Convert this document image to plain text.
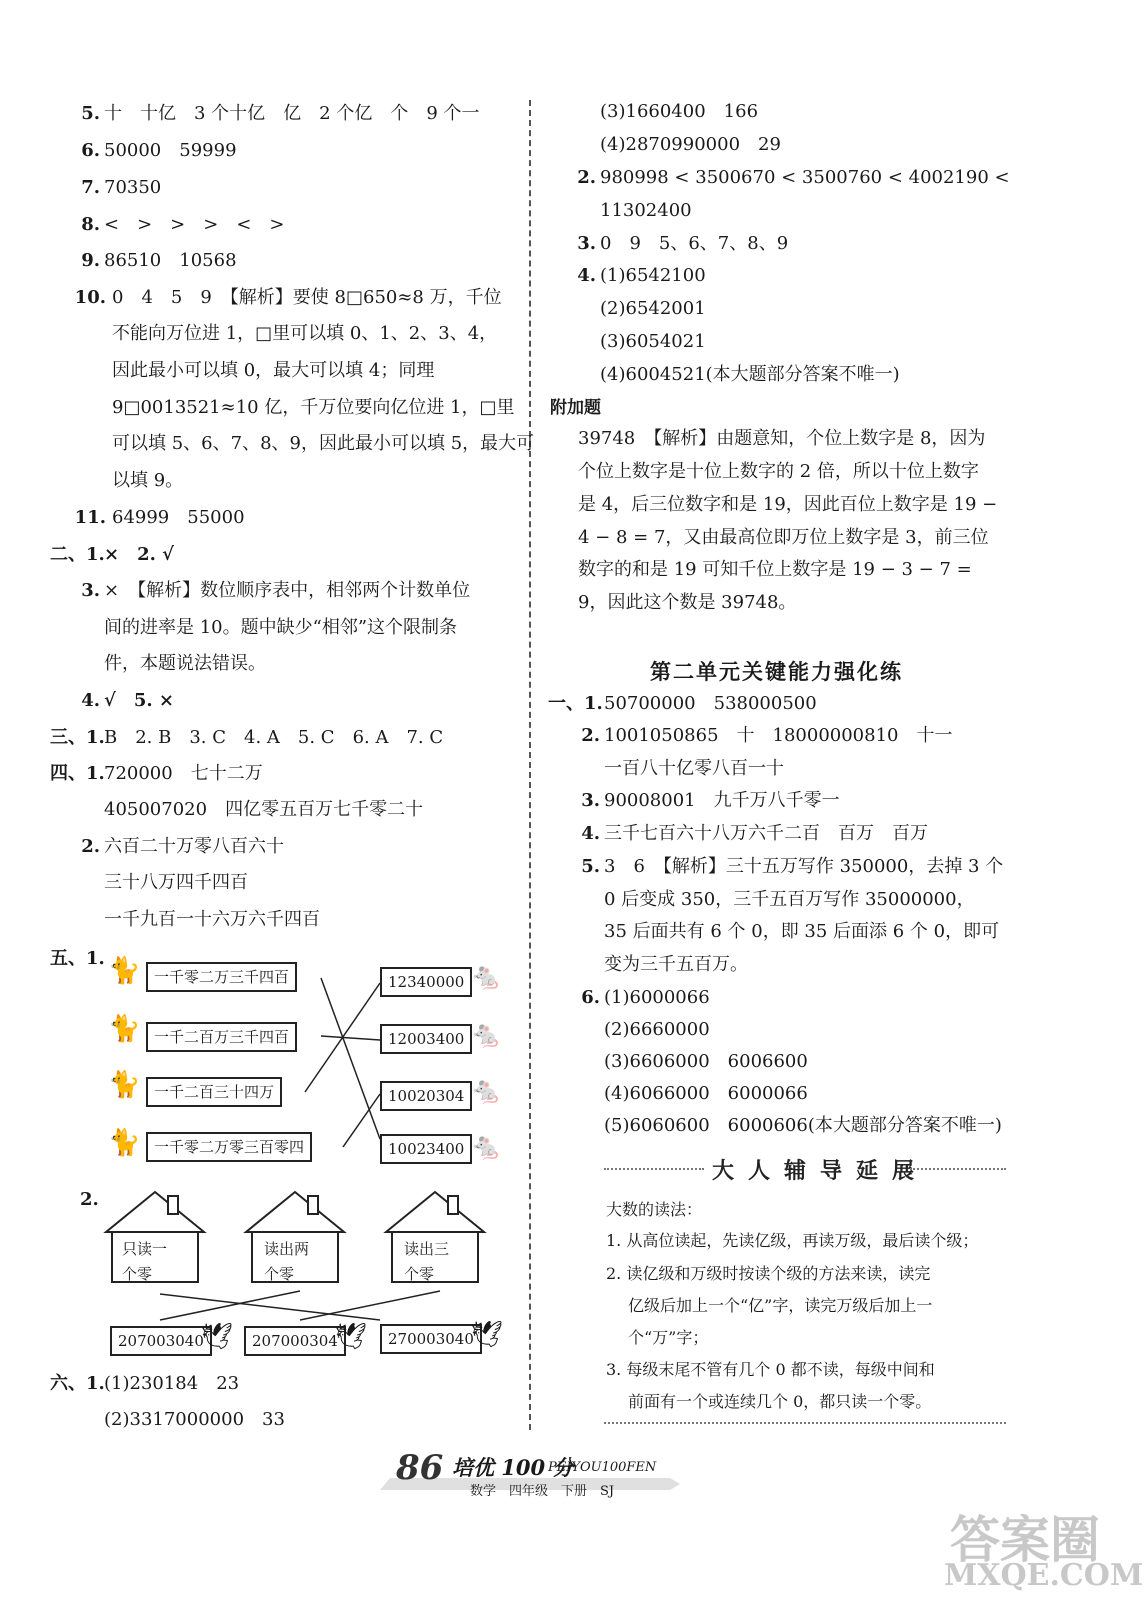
5. 十　十亿　3 个十亿　亿　2 个亿　个　9 个一
6. 50000　59999
7. 70350
8. <　>　>　>　<　>
9. 86510　10568
10. 0　4　5　9　【解析】要使 8□650≈8 万，千位
不能向万位进 1，□里可以填 0、1、2、3、4，
因此最小可以填 0，最大可以填 4；同理
9□0013521≈10 亿，千万位要向亿位进 1，□里
可以填 5、6、7、8、9，因此最小可以填 5，最大可
以填 9。
11. 64999　55000
二、1. ×　2. √
3. ×　【解析】数位顺序表中，相邻两个计数单位
间的进率是 10。题中缺少“相邻”这个限制条
件，本题说法错误。
4. √　5. ×
三、1. B　2. B　3. C　4. A　5. C　6. A　7. C
四、1. 720000　七十二万
405007020　四亿零五百万七千零二十
2. 六百二十万零八百六十
三十八万四千四百
一千九百一十六万六千四百
五、1. 🐈
🐈
🐈
🐈
一千零二万三千四百
一千二百万三千四百
一千二百三十四万
一千零二万零三百零四
12340000
12003400
10020304
10023400
🐁
🐁
🐁
🐁
2.
只读一
个零
读出两
个零
读出三
个零
207003040	207000304	270003040
🕊	🕊	🕊
六、1. (1)230184　23
(2)3317000000　33
(3)1660400　166
(4)2870990000　29
2. 980998 < 3500670 < 3500760 < 4002190 <
11302400
3. 0　9　5、6、7、8、9
4. (1)6542100
(2)6542001
(3)6054021
(4)6004521(本大题部分答案不唯一)
附加题
39748　【解析】由题意知，个位上数字是 8，因为
个位上数字是十位上数字的 2 倍，所以十位上数字
是 4，后三位数字和是 19，因此百位上数字是 19 −
4 − 8 = 7，又由最高位即万位上数字是 3，前三位
数字的和是 19 可知千位上数字是 19 − 3 − 7 =
9，因此这个数是 39748。
第二单元关键能力强化练
一、1. 50700000　538000500
2. 1001050865　十　18000000810　十一
一百八十亿零八百一十
3. 90008001　九千万八千零一
4. 三千七百六十八万六千二百　百万　百万
5. 3　6　【解析】三十五万写作 350000，去掉 3 个
0 后变成 350，三千五百万写作 35000000，
35 后面共有 6 个 0，即 35 后面添 6 个 0，即可
变为三千五百万。
6. (1)6000066
(2)6660000
(3)6606000　6006600
(4)6066000　6000066
(5)6060600　6000606(本大题部分答案不唯一)
大人辅导延展
大数的读法：
1. 从高位读起，先读亿级，再读万级，最后读个级；
2. 读亿级和万级时按读个级的方法来读，读完
亿级后加上一个“亿”字，读完万级后加上一
个“万”字；
3. 每级末尾不管有几个 0 都不读，每级中间和
前面有一个或连续几个 0，都只读一个零。
86 培优 100 分
PEIYOU100FEN
数学　四年级　下册　SJ
答案圈
MXQE.COM
